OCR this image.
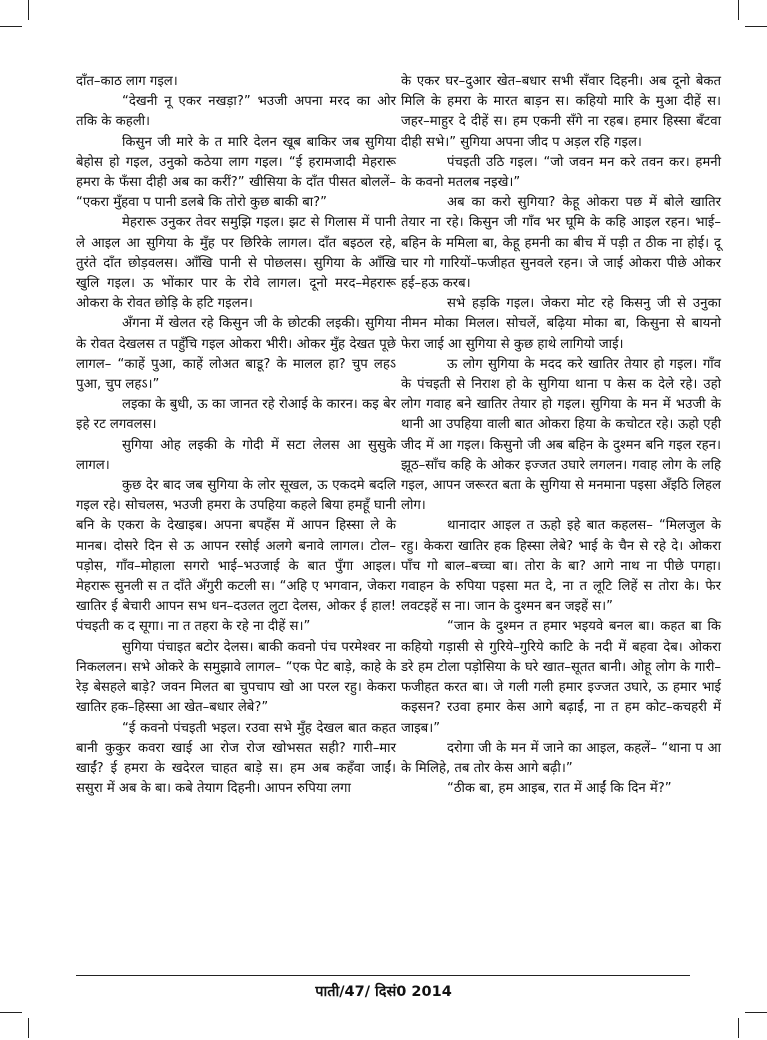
दाँत–काठ लाग गइल।

“देखनी नू एकर नखड़ा?” भउजी अपना मरद का ओर तकि के कहली।

किसुन जी मारे के त मारि देलन खूब बाकिर जब सुगिया बेहोस हो गइल, उनुको कठेया लाग गइल। “ई हरामजादी मेहरारू हमरा के फँसा दीही अब का करीं?” खीसिया के दाँत पीसत बोललें– “एकरा मुँहवा प पानी डलबे कि तोरो कुछ बाकी बा?”

मेहरारू उनुकर तेवर समुझि गइल। झट से गिलास में पानी ले आइल आ सुगिया के मुँह पर छिरिके लागल। दाँत बइठल रहे, तुरंते दाँत छोड़वलस। आँखि पानी से पोछलस। सुगिया के आँखि खुलि गइल। ऊ भोंकार पार के रोवे लागल। दूनो मरद–मेहरारू ओकरा के रोवत छोड़ि के हटि गइलन।

अँगना में खेलत रहे किसुन जी के छोटकी लइकी। सुगिया के रोवत देखलस त पहुँचि गइल ओकरा भीरी। ओकर मुँह देखत पूछे लागल– “काहें पुआ, काहें लोअत बाडू? के मालल हा? चुप लहऽ पुआ, चुप लहऽ।”

लइका के बुधी, ऊ का जानत रहे रोआई के कारन। कइ बेर इहे रट लगवलस।

सुगिया ओह लइकी के गोदी में सटा लेलस आ सुसुके लागल।

कुछ देर बाद जब सुगिया के लोर सूखल, ऊ एकदमे बदलि गइल रहे। सोचलस, भउजी हमरा के उपहिया कहले बिया हमहूँ घानी बनि के एकरा के देखाइब। अपना बपहँस में आपन हिस्सा ले के मानब। दोसरे दिन से ऊ आपन रसोई अलगे बनावे लागल। टोल–पड़ोस, गाँव–मोहाला सगरो भाई–भउजाई के बात पुँगा आइल। मेहरारू सुनली स त दाँते अँगुरी कटली स। “अहि ए भगवान, जेकरा खातिर ई बेचारी आपन सभ धन–दउलत लुटा देलस, ओकर ई हाल! पंचइती क द सूगा। ना त तहरा के रहे ना दीहें स।”

सुगिया पंचाइत बटोर देलस। बाकी कवनो पंच परमेश्वर ना निकललन। सभे ओकरे के समुझावे लागल– “एक पेट बाड़े, काहे के रेड़ बेसहले बाड़े? जवन मिलत बा चुपचाप खो आ परल रहु। केकरा खातिर हक–हिस्सा आ खेत–बधार लेबे?”

“ई कवनो पंचइती भइल। रउवा सभे मुँह देखल बात कहत बानी कुकुर कवरा खाई आ रोज रोज खोभसत सही? गारी–मार खाईं? ई हमरा के खदेरल चाहत बाड़े स। हम अब कहँवा जाईं। ससुरा में अब के बा। कबे तेयाग दिहनी। आपन रुपिया लगा

के एकर घर–दुआर खेत–बधार सभी सँवार दिहनी। अब दूनो बेकत मिलि के हमरा के मारत बाड़न स। कहियो मारि के मुआ दीहें स। जहर–माहुर दे दीहें स। हम एकनी सँगे ना रहब। हमार हिस्सा बँटवा दीही सभे।” सुगिया अपना जीद प अड़ल रहि गइल।

पंचइती उठि गइल। “जो जवन मन करे तवन कर। हमनी के कवनो मतलब नइखे।”

अब का करो सुगिया? केहू ओकरा पछ में बोले खातिर तेयार ना रहे। किसुन जी गाँव भर घूमि के कहि आइल रहन। भाई–बहिन के ममिला बा, केहू हमनी का बीच में पड़ी त ठीक ना होई। दू चार गो गारियों–फजीहत सुनवले रहन। जे जाई ओकरा पीछे ओकर हई–हऊ करब।

सभे हड़कि गइल। जेकरा मोट रहे किसनु जी से उनुका नीमन मोका मिलल। सोचलें, बढ़िया मोका बा, किसुना से बायनो फेरा जाई आ सुगिया से कुछ हाथे लागियो जाई।

ऊ लोग सुगिया के मदद करे खातिर तेयार हो गइल। गाँव के पंचइती से निराश हो के सुगिया थाना प केस क देले रहे। उहो लोग गवाह बने खातिर तेयार हो गइल। सुगिया के मन में भउजी के थानी आ उपहिया वाली बात ओकरा हिया के कचोटत रहे। ऊहो एही जीद में आ गइल। किसुनो जी अब बहिन के दुश्मन बनि गइल रहन। झूठ–साँच कहि के ओकर इज्जत उघारे लगलन। गवाह लोग के लहि गइल, आपन जरूरत बता के सुगिया से मनमाना पइसा अँइठि लिहल लोग।

थानादार आइल त ऊहो इहे बात कहलस– “मिलजुल के रहु। केकरा खातिर हक हिस्सा लेबे? भाई के चैन से रहे दे। ओकरा पाँच गो बाल–बच्चा बा। तोरा के बा? आगे नाथ ना पीछे पगहा। गवाहन के रुपिया पइसा मत दे, ना त लूटि लिहें स तोरा के। फेर लवटइहें स ना। जान के दुश्मन बन जइहें स।”

“जान के दुश्मन त हमार भइयवे बनल बा। कहत बा कि कहियो गड़ासी से गुरिये–गुरिये काटि के नदी में बहवा देब। ओकरा डरे हम टोला पड़ोसिया के घरे खात–सूतत बानी। ओहू लोग के गारी–फजीहत करत बा। जे गली गली हमार इज्जत उघारे, ऊ हमार भाई कइसन? रउवा हमार केस आगे बढ़ाईं, ना त हम कोट–कचहरी में जाइब।”

दरोगा जी के मन में जाने का आइल, कहलें– “थाना प आ के मिलिहे, तब तोर केस आगे बढ़ी।”

“ठीक बा, हम आइब, रात में आईं कि दिन में?”

पाती/47/ दिसं0 2014
